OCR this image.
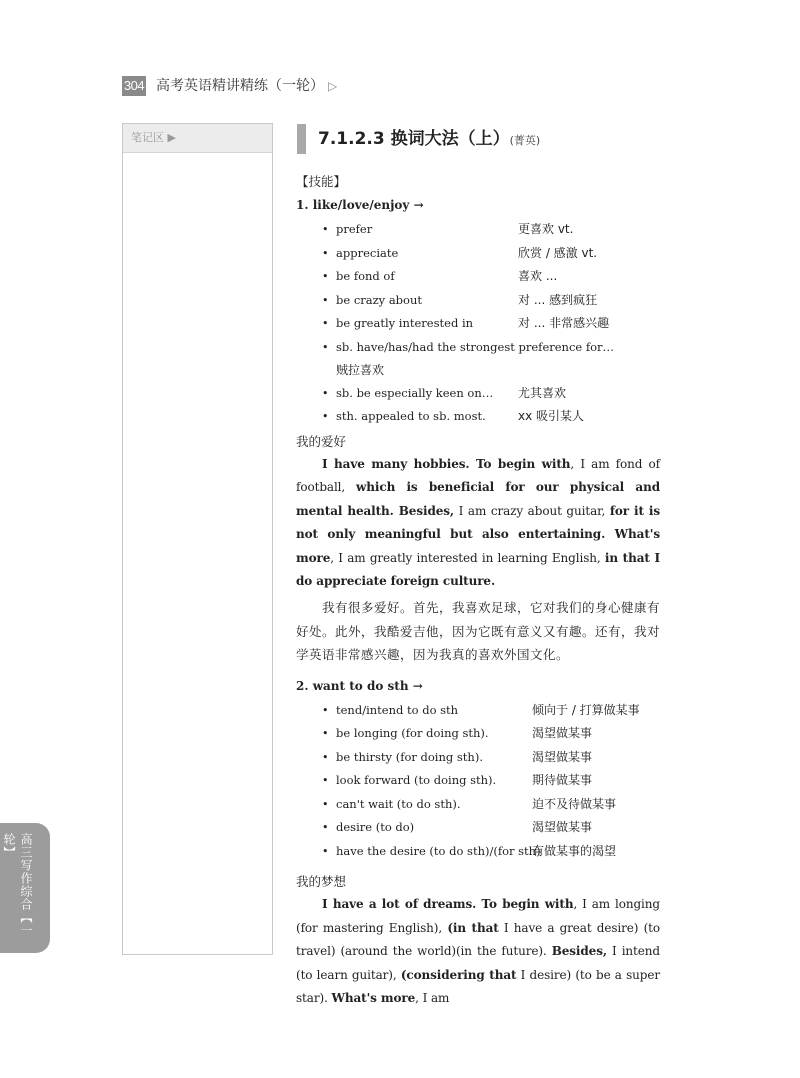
304 高考英语精讲精练（一轮） ▷
笔记区 ▶
高三写作综合【一轮】
7.1.2.3 换词大法（上）(菁英)
【技能】
1. like/love/enjoy →
• prefer	更喜欢 vt.
• appreciate	欣赏 / 感激 vt.
• be fond of	喜欢 ...
• be crazy about	对 ... 感到疯狂
• be greatly interested in	对 ... 非常感兴趣
• sb. have/has/had the strongest preference for…
贼拉喜欢
• sb. be especially keen on… 尤其喜欢
• sth. appealed to sb. most.	xx 吸引某人
我的爱好

I have many hobbies. To begin with, I am fond of football, which is beneficial for our physical and mental health. Besides, I am crazy about guitar, for it is not only meaningful but also entertaining. What's more, I am greatly interested in learning English, in that I do appreciate foreign culture.

我有很多爱好。首先，我喜欢足球，它对我们的身心健康有好处。此外，我酷爱吉他，因为它既有意义又有趣。还有，我对学英语非常感兴趣，因为我真的喜欢外国文化。

2. want to do sth →
• tend/intend to do sth	倾向于 / 打算做某事
• be longing (for doing sth).	渴望做某事
• be thirsty (for doing sth).	渴望做某事
• look forward (to doing sth).	期待做某事
• can't wait (to do sth).	迫不及待做某事
• desire (to do)	渴望做某事
• have the desire (to do sth)/(for sth)
有做某事的渴望
我的梦想

I have a lot of dreams. To begin with, I am longing (for mastering English), (in that I have a great desire) (to travel) (around the world)(in the future). Besides, I intend (to learn guitar), (considering that I desire) (to be a super star). What's more, I am
